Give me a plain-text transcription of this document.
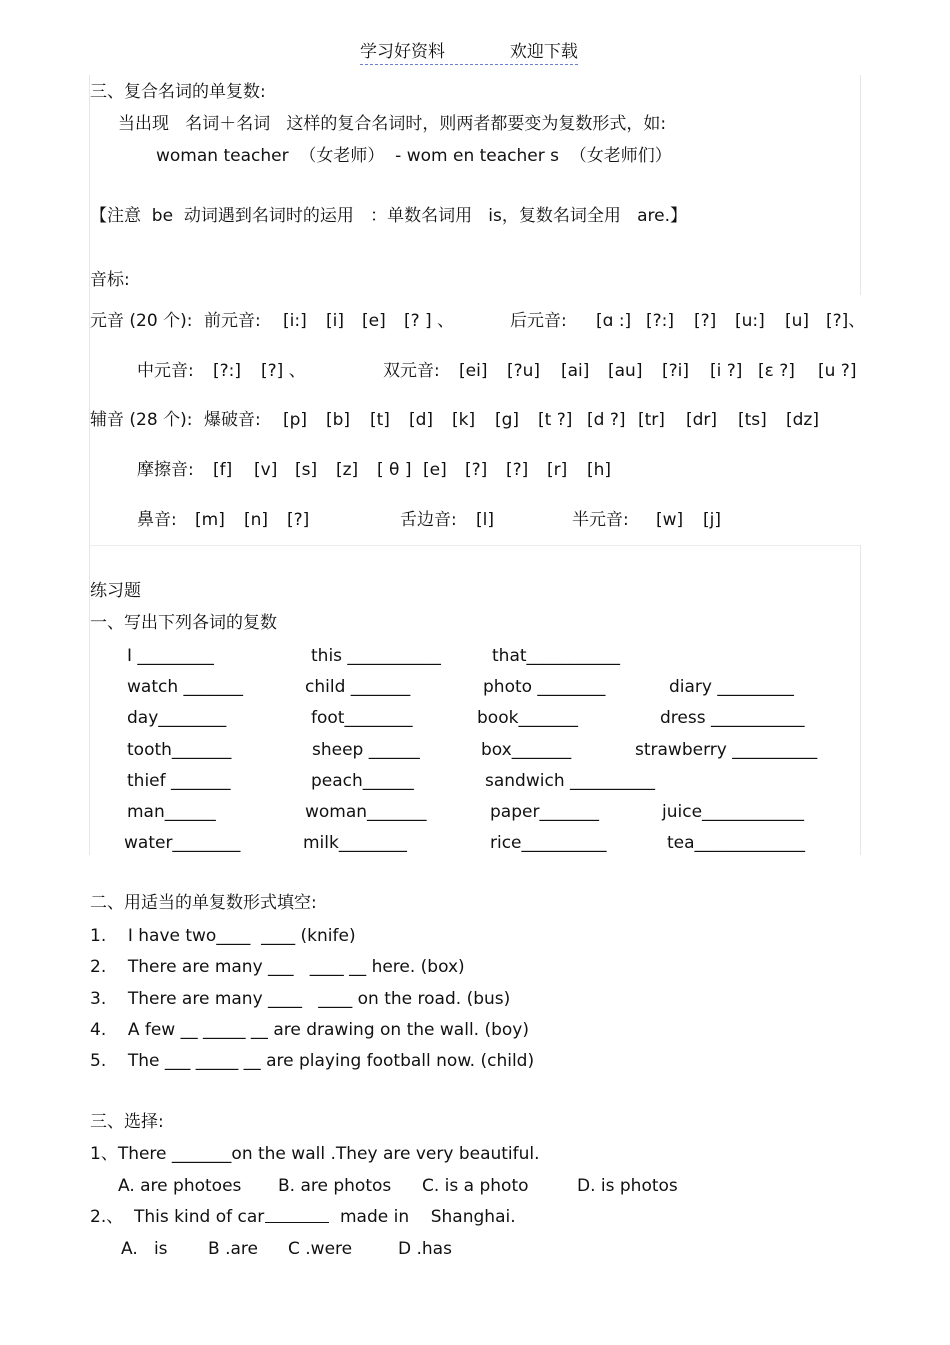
学习好资料	欢迎下载
三、复合名词的单复数:
当出现   名词＋名词   这样的复合名词时，则两者都要变为复数形式，如:
woman teacher  （女老师）  - wom en teacher s  （女老师们）
【注意  be  动词遇到名词时的运用   ：单数名词用   is，复数名词全用   are.】
音标:
元音 (20 个): 前元音: [i:] [i] [e] [? ] 、	后元音: [ɑ :] [?:] [?] [u:] [u] [?]、
中元音: [?:] [?] 、	双元音: [ei] [?u] [ai] [au] [?i] [i ?] [ε ?] [u ?]
辅音 (28 个): 爆破音: [p] [b] [t] [d] [k] [g] [t ?] [d ?] [tr] [dr] [ts] [dz]
摩擦音: [f] [v] [s] [z] [ θ ] [e] [?] [?] [r] [h]
鼻音: [m] [n] [?]	舌边音: [l]	半元音: [w] [j]
练习题
一、写出下列各词的复数
I _________	this ___________	that___________
watch _______	child _______	photo ________	diary _________
day________	foot________	book_______	dress ___________
tooth_______	sheep ______	box_______	strawberry __________
thief _______	peach______	sandwich __________
man______	woman_______	paper_______	juice____________
water________	milk________	rice__________	tea_____________
二、用适当的单复数形式填空:
1.    I have two____  ____ (knife)
2.    There are many ___   ____ __ here. (box)
3.    There are many ____   ____ on the road. (bus)
4.    A few __ _____ __ are drawing on the wall. (boy)
5.    The ___ _____ __ are playing football now. (child)
三、选择:
1、There _______on the wall .They are very beautiful.
A. are photoes B. are photos C. is a photo	D. is photos
2.、  This kind of car	made in    Shanghai.
A.   is B .are C .were	D .has
